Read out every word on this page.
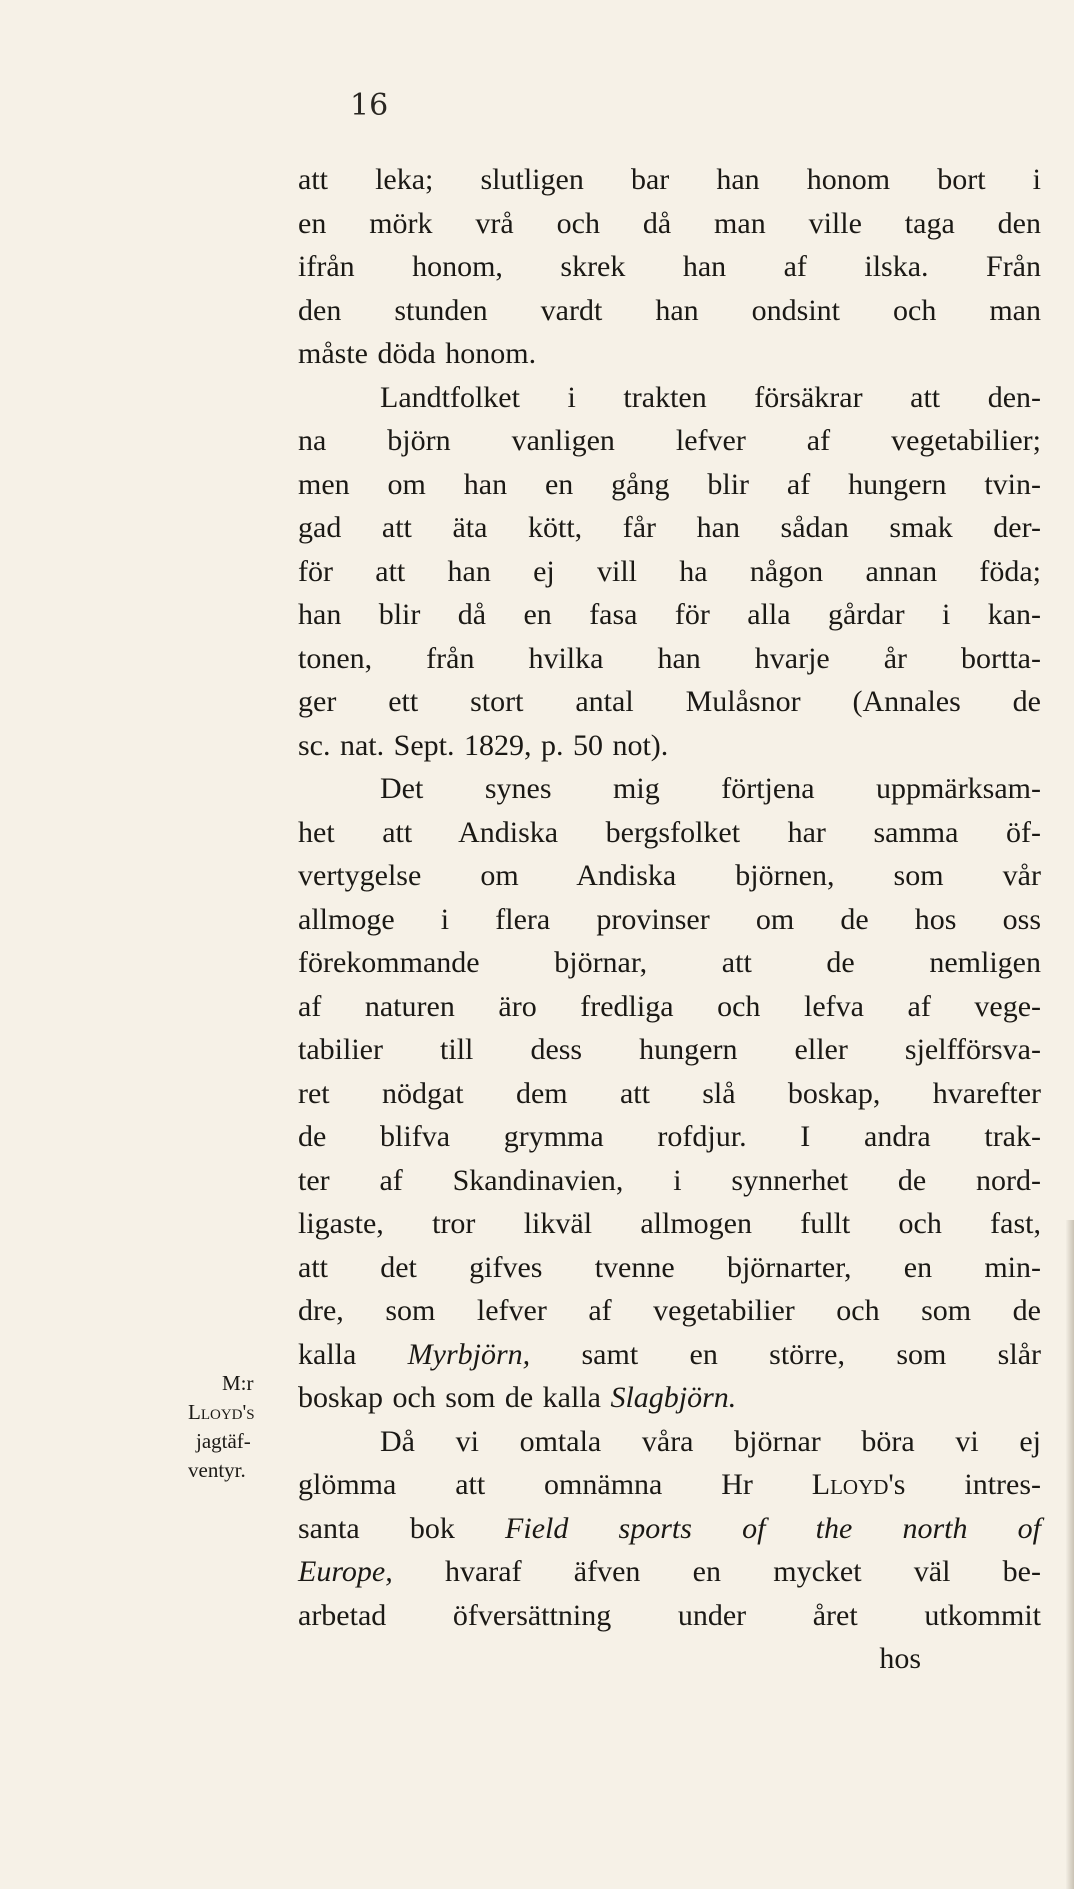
16
att leka; slutligen bar han honom bort i
en mörk vrå och då man ville taga den
ifrån honom, skrek han af ilska. Från
den stunden vardt han ondsint och man
måste döda honom.
Landtfolket i trakten försäkrar att den-
na björn vanligen lefver af vegetabilier;
men om han en gång blir af hungern tvin-
gad att äta kött, får han sådan smak der-
för att han ej vill ha någon annan föda;
han blir då en fasa för alla gårdar i kan-
tonen, från hvilka han hvarje år bortta-
ger ett stort antal Mulåsnor (Annales de
sc. nat. Sept. 1829, p. 50 not).
Det synes mig förtjena uppmärksam-
het att Andiska bergsfolket har samma öf-
vertygelse om Andiska björnen, som vår
allmoge i flera provinser om de hos oss
förekommande björnar, att de nemligen
af naturen äro fredliga och lefva af vege-
tabilier till dess hungern eller sjelfförsva-
ret nödgat dem att slå boskap, hvarefter
de blifva grymma rofdjur. I andra trak-
ter af Skandinavien, i synnerhet de nord-
ligaste, tror likväl allmogen fullt och fast,
att det gifves tvenne björnarter, en min-
dre, som lefver af vegetabilier och som de
kalla Myrbjörn, samt en större, som slår
boskap och som de kalla Slagbjörn.
Då vi omtala våra björnar böra vi ej
glömma att omnämna Hr Lloyd's intres-
santa bok Field sports of the north of
Europe, hvaraf äfven en mycket väl be-
arbetad öfversättning under året utkommit
hos
M:r
Lloyd's
jagtäf-
ventyr.
